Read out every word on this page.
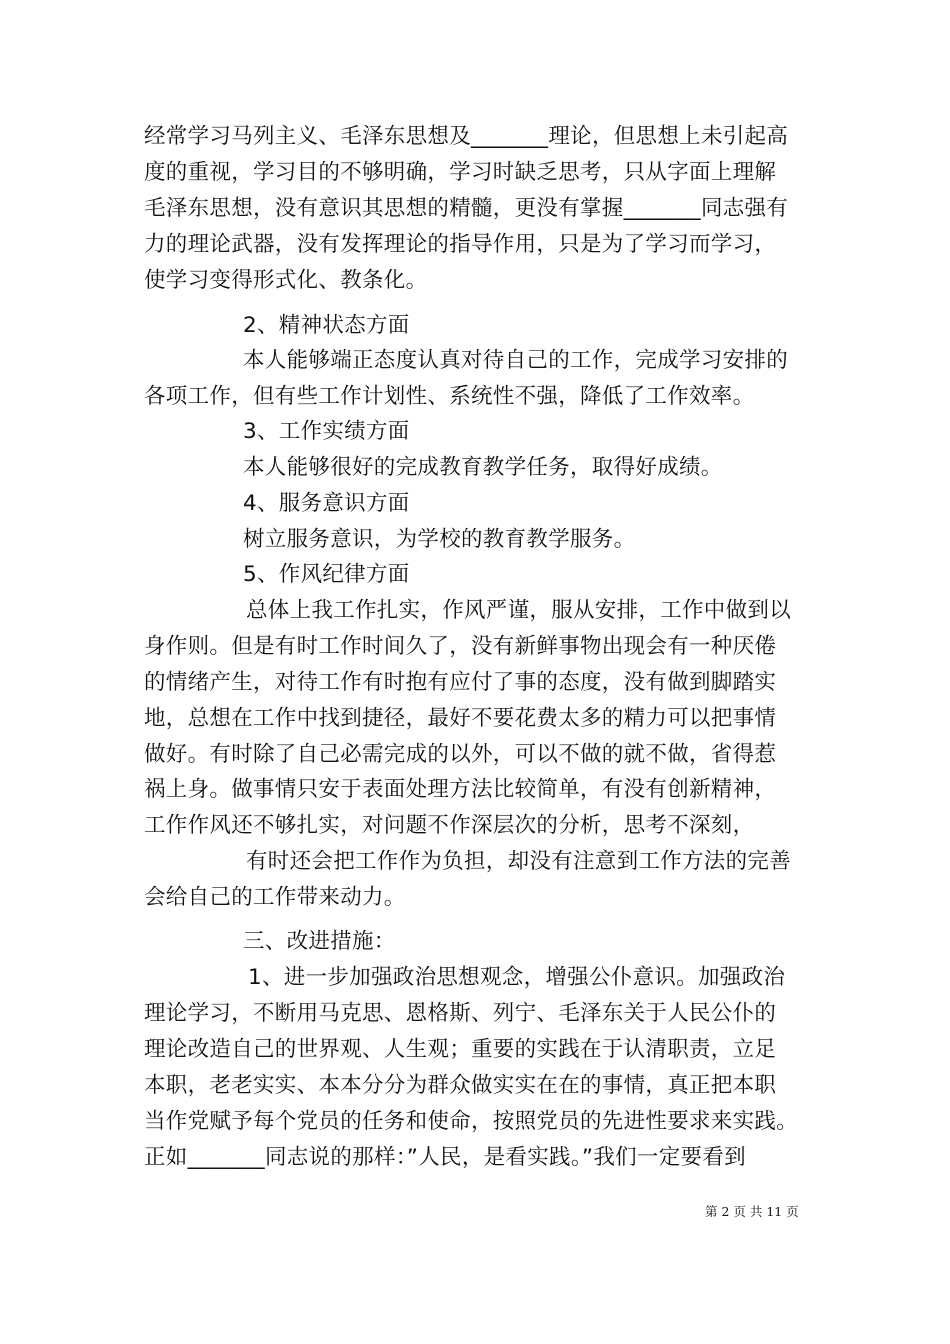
经常学习马列主义、毛泽东思想及_______理论，但思想上未引起高

度的重视，学习目的不够明确，学习时缺乏思考，只从字面上理解

毛泽东思想，没有意识其思想的精髓，更没有掌握_______同志强有

力的理论武器，没有发挥理论的指导作用，只是为了学习而学习，

使学习变得形式化、教条化。

2、精神状态方面

本人能够端正态度认真对待自己的工作，完成学习安排的

各项工作，但有些工作计划性、系统性不强，降低了工作效率。

3、工作实绩方面

本人能够很好的完成教育教学任务，取得好成绩。

4、服务意识方面

树立服务意识，为学校的教育教学服务。

5、作风纪律方面

总体上我工作扎实，作风严谨，服从安排，工作中做到以

身作则。但是有时工作时间久了，没有新鲜事物出现会有一种厌倦

的情绪产生，对待工作有时抱有应付了事的态度，没有做到脚踏实

地，总想在工作中找到捷径，最好不要花费太多的精力可以把事情

做好。有时除了自己必需完成的以外，可以不做的就不做，省得惹

祸上身。做事情只安于表面处理方法比较简单，有没有创新精神，

工作作风还不够扎实，对问题不作深层次的分析，思考不深刻，

有时还会把工作作为负担，却没有注意到工作方法的完善

会给自己的工作带来动力。

三、改进措施：

1、进一步加强政治思想观念，增强公仆意识。加强政治

理论学习，不断用马克思、恩格斯、列宁、毛泽东关于人民公仆的

理论改造自己的世界观、人生观；重要的实践在于认清职责，立足

本职，老老实实、本本分分为群众做实实在在的事情，真正把本职

当作党赋予每个党员的任务和使命，按照党员的先进性要求来实践。

正如_______同志说的那样：”人民，是看实践。”我们一定要看到

第 2 页 共 11 页
